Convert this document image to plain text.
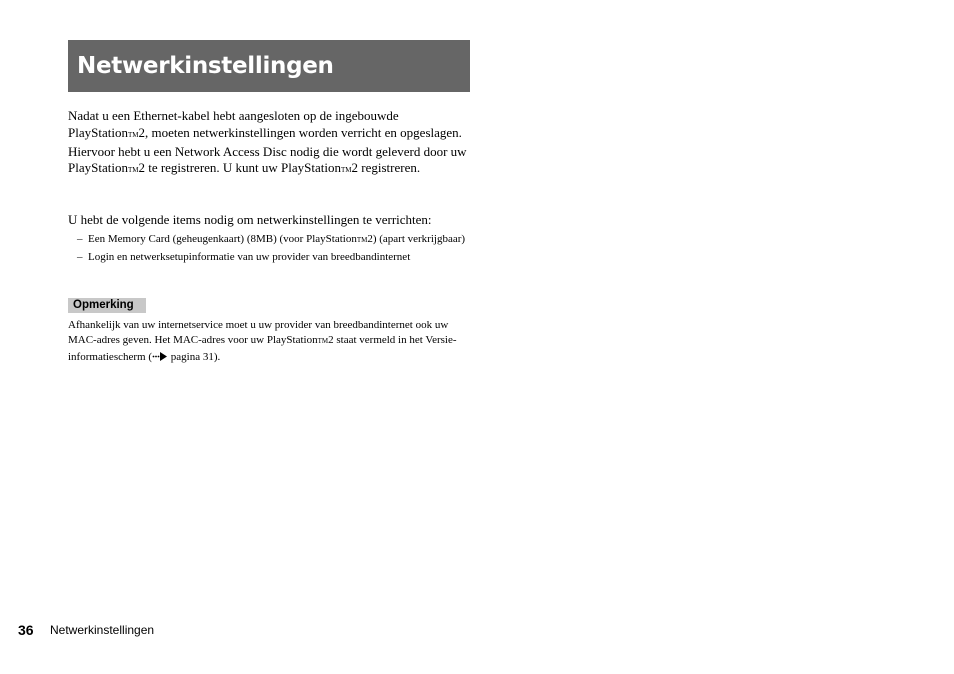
Netwerkinstellingen

Nadat u een Ethernet-kabel hebt aangesloten op de ingebouwde PlayStationTM2, moeten netwerkinstellingen worden verricht en opgeslagen. Hiervoor hebt u een Network Access Disc nodig die wordt geleverd door uw PlayStationTM2 te registreren. U kunt uw PlayStationTM2 registreren.

U hebt de volgende items nodig om netwerkinstellingen te verrichten:

– Een Memory Card (geheugenkaart) (8MB) (voor PlayStationTM2) (apart verkrijgbaar)
– Login en netwerksetupinformatie van uw provider van breedbandinternet
Opmerking

Afhankelijk van uw internetservice moet u uw provider van breedbandinternet ook uw MAC-adres geven. Het MAC-adres voor uw PlayStationTM2 staat vermeld in het Versie-informatiescherm ( pagina 31).

36 Netwerkinstellingen
